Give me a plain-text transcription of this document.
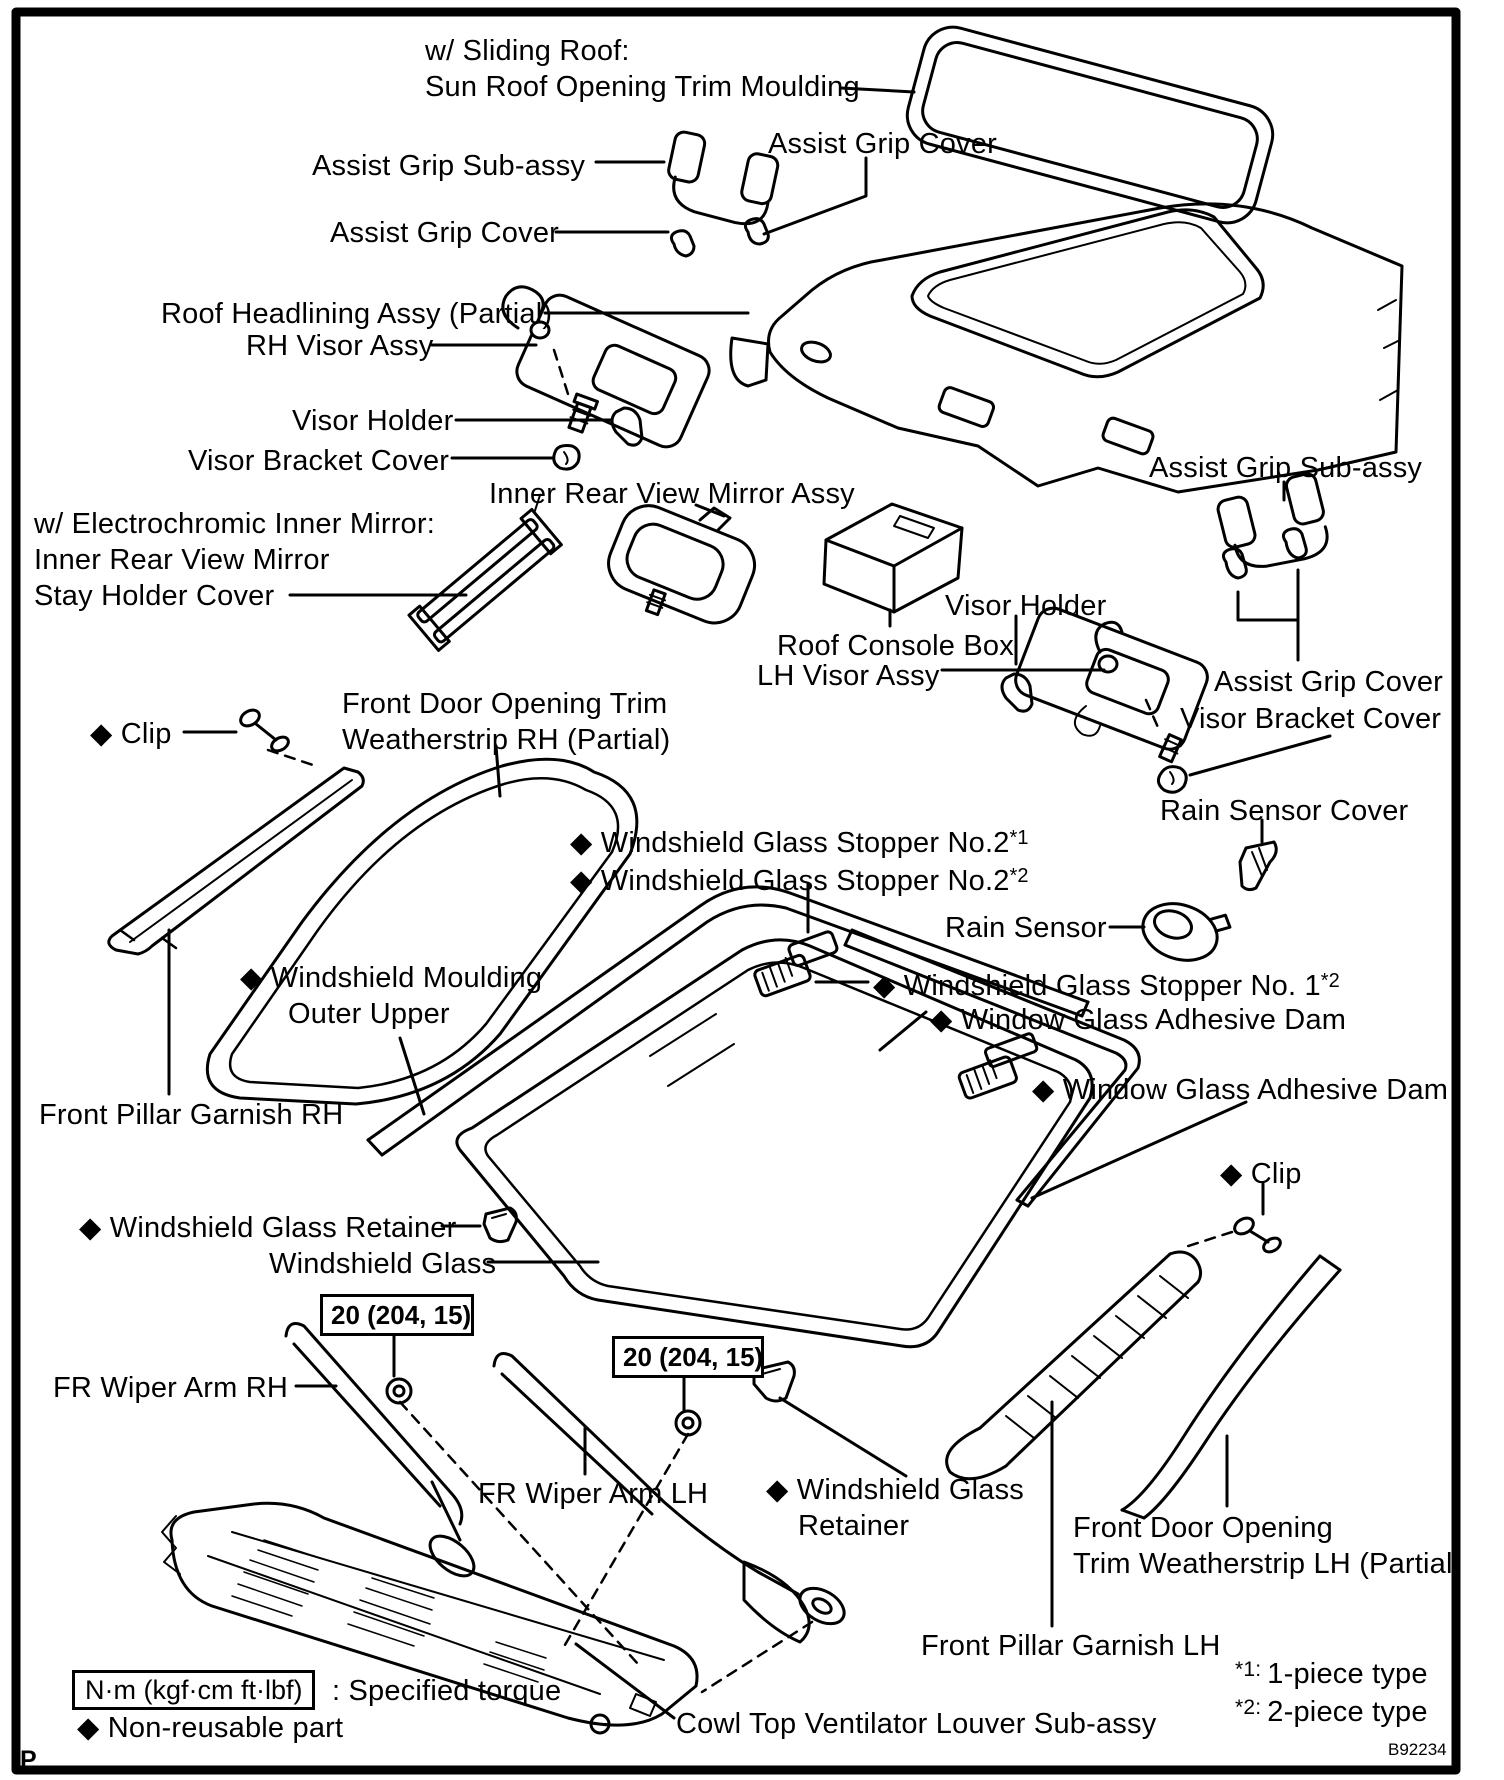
w/ Sliding Roof:
Sun Roof Opening Trim Moulding
Assist Grip Sub-assy
Assist Grip Cover
Assist Grip Cover
Roof Headlining Assy (Partial)
RH Visor Assy
Visor Holder
Visor Bracket Cover
Inner Rear View Mirror Assy
w/ Electrochromic Inner Mirror:
Inner Rear View Mirror
Stay Holder Cover
Assist Grip Sub-assy
Visor Holder
Roof Console Box
LH Visor Assy	Assist Grip Cover
Visor Bracket Cover
Rain Sensor Cover
◆ Clip
Front Door Opening Trim
Weatherstrip RH (Partial)
◆ Windshield Glass Stopper No.2$^{*1}$
◆ Windshield Glass Stopper No.2$^{*2}$
Rain Sensor
◆ Windshield Glass Stopper No. 1$^{*2}$
◆ Windshield Moulding
Outer Upper	◆ Window Glass Adhesive Dam
◆ Window Glass Adhesive Dam
Front Pillar Garnish RH
◆ Clip
◆ Windshield Glass Retainer
Windshield Glass
20 (204, 15)
FR Wiper Arm RH
20 (204, 15)
FR Wiper Arm LH ◆ Windshield Glass
Retainer	Front Door Opening
Trim Weatherstrip LH (Partial)
Front Pillar Garnish LH
$^{*1:}$ 1-piece type
$^{*2:}$ 2-piece type
N·m (kgf·cm ft·lbf)	: Specified torque
◆ Non-reusable part	Cowl Top Ventilator Louver Sub-assy
B92234
P
